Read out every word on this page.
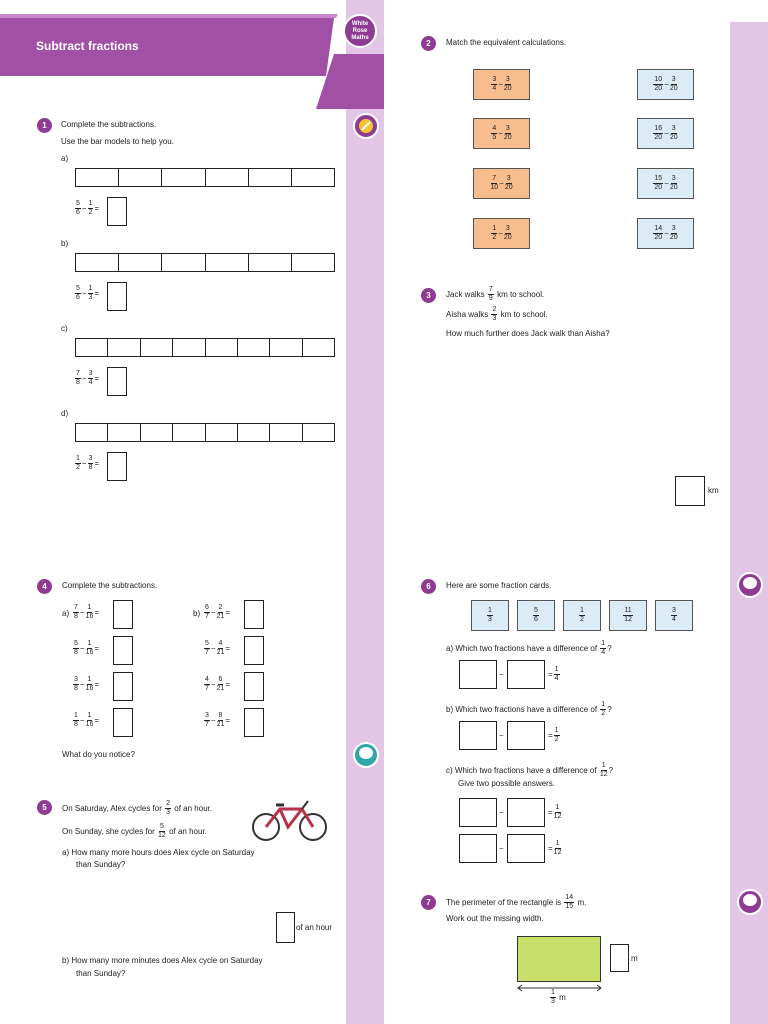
Subtract fractions
White
Rose
Maths
1	Complete the subtractions.
Use the bar models to help you.
a)
$\frac{5}{6} - \frac{1}{2}$ =
b)
$\frac{5}{6} - \frac{1}{3}$ =
c)
$\frac{7}{8} - \frac{3}{4}$ =
d)
$\frac{1}{2} - \frac{3}{8}$ =
2	Match the equivalent calculations.
$\frac{3}{4} - \frac{3}{20}$
$\frac{4}{5} - \frac{3}{20}$
$\frac{7}{10} - \frac{3}{20}$
$\frac{1}{2} - \frac{3}{20}$
$\frac{10}{20} - \frac{3}{20}$
$\frac{16}{20} - \frac{3}{20}$
$\frac{15}{20} - \frac{3}{20}$
$\frac{14}{20} - \frac{3}{20}$
3	Jack walks
$\frac{7}{9}$
km to school.
Aisha walks
$\frac{2}{3}$
km to school.
How much further does Jack walk than Aisha?
km
4	Complete the subtractions.
a)	b)
$\frac{7}{8} - \frac{1}{16}$ =
$\frac{5}{8} - \frac{1}{16}$ =
$\frac{3}{8} - \frac{1}{16}$ =
$\frac{1}{8} - \frac{1}{16}$ =
$\frac{6}{7} - \frac{2}{21}$ =
$\frac{5}{7} - \frac{4}{21}$ =
$\frac{4}{7} - \frac{6}{21}$ =
$\frac{3}{7} - \frac{8}{21}$ =
What do you notice?
5	On Saturday, Alex cycles for
$\frac{2}{3}$
of an hour.
On Sunday, she cycles for
$\frac{5}{12}$
of an hour.
a) How many more hours does Alex cycle on Saturday
than Sunday?
of an hour
b) How many more minutes does Alex cycle on Saturday
than Sunday?
6	Here are some fraction cards.
$\frac{1}{3}$	$\frac{5}{6}$	$\frac{1}{2}$	$\frac{11}{12}$	$\frac{3}{4}$
a) Which two fractions have a difference of
$\frac{1}{4}$ ?
−	= $\frac{1}{4}$
b) Which two fractions have a difference of
$\frac{1}{2}$ ?
−	= $\frac{1}{2}$
c) Which two fractions have a difference of
$\frac{1}{12}$ ?
Give two possible answers.
−	= $\frac{1}{12}$
−	= $\frac{1}{12}$
7	The perimeter of the rectangle is
$\frac{14}{15}$
m.
Work out the missing width.
m
$\frac{1}{3}$
m
